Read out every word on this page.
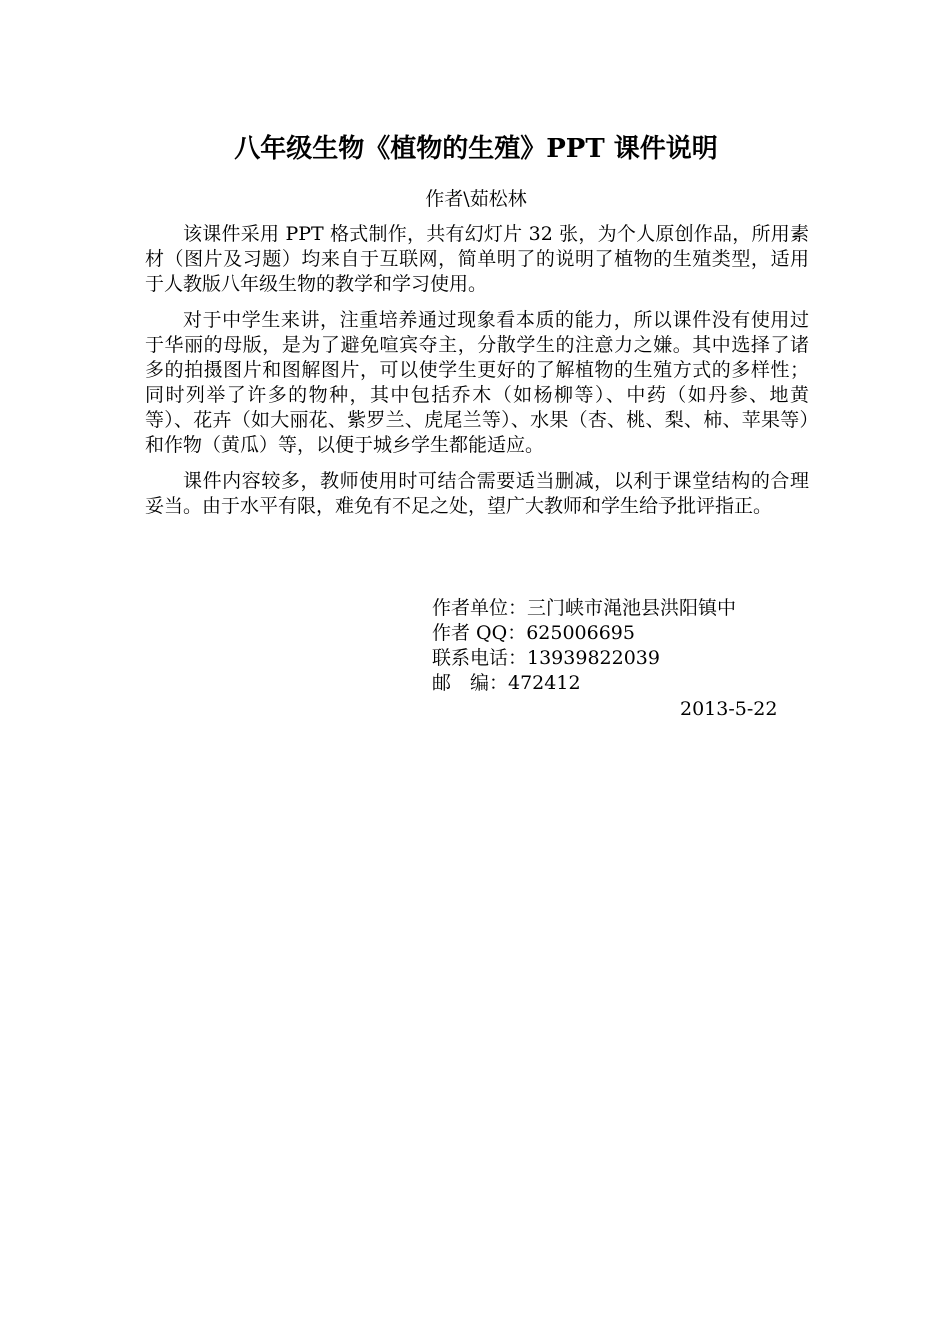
八年级生物《植物的生殖》PPT 课件说明
作者\茹松林

该课件采用 PPT 格式制作，共有幻灯片 32 张，为个人原创作品，所用素材（图片及习题）均来自于互联网，简单明了的说明了植物的生殖类型，适用于人教版八年级生物的教学和学习使用。

对于中学生来讲，注重培养通过现象看本质的能力，所以课件没有使用过于华丽的母版，是为了避免喧宾夺主，分散学生的注意力之嫌。其中选择了诸多的拍摄图片和图解图片，可以使学生更好的了解植物的生殖方式的多样性；同时列举了许多的物种，其中包括乔木（如杨柳等）、中药（如丹参、地黄等）、花卉（如大丽花、紫罗兰、虎尾兰等）、水果（杏、桃、梨、柿、苹果等）和作物（黄瓜）等，以便于城乡学生都能适应。

课件内容较多，教师使用时可结合需要适当删减，以利于课堂结构的合理妥当。由于水平有限，难免有不足之处，望广大教师和学生给予批评指正。

作者单位：三门峡市渑池县洪阳镇中
作者 QQ：625006695
联系电话：13939822039
邮　编：472412
2013-5-22
